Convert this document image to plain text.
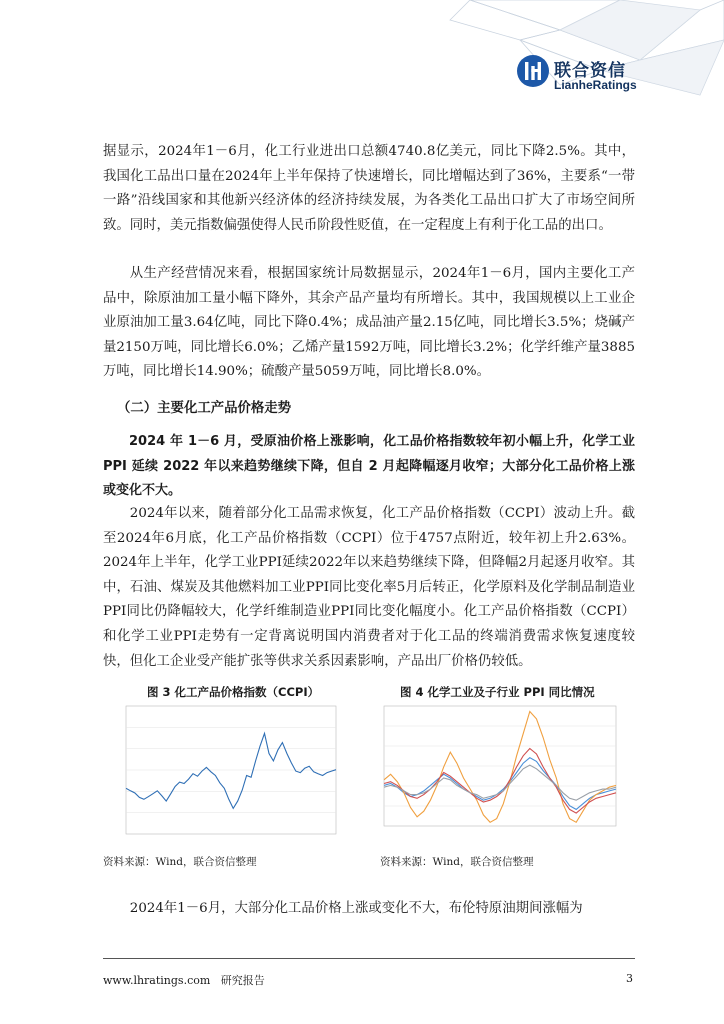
联合资信
LianheRatings

据显示，2024年1－6月，化工行业进出口总额4740.8亿美元，同比下降2.5%。其中，我国化工品出口量在2024年上半年保持了快速增长，同比增幅达到了36%，主要系“一带一路”沿线国家和其他新兴经济体的经济持续发展，为各类化工品出口扩大了市场空间所致。同时，美元指数偏强使得人民币阶段性贬值，在一定程度上有利于化工品的出口。

从生产经营情况来看，根据国家统计局数据显示，2024年1－6月，国内主要化工产品中，除原油加工量小幅下降外，其余产品产量均有所增长。其中，我国规模以上工业企业原油加工量3.64亿吨，同比下降0.4%；成品油产量2.15亿吨，同比增长3.5%；烧碱产量2150万吨，同比增长6.0%；乙烯产量1592万吨，同比增长3.2%；化学纤维产量3885万吨，同比增长14.90%；硫酸产量5059万吨，同比增长8.0%。

（二）主要化工产品价格走势

2024 年 1－6 月，受原油价格上涨影响，化工品价格指数较年初小幅上升，化学工业 PPI 延续 2022 年以来趋势继续下降，但自 2 月起降幅逐月收窄；大部分化工品价格上涨或变化不大。

2024年以来，随着部分化工品需求恢复，化工产品价格指数（CCPI）波动上升。截至2024年6月底，化工产品价格指数（CCPI）位于4757点附近，较年初上升2.63%。2024年上半年，化学工业PPI延续2022年以来趋势继续下降，但降幅2月起逐月收窄。其中，石油、煤炭及其他燃料加工业PPI同比变化率5月后转正，化学原料及化学制品制造业PPI同比仍降幅较大，化学纤维制造业PPI同比变化幅度小。化工产品价格指数（CCPI）和化学工业PPI走势有一定背离说明国内消费者对于化工品的终端消费需求恢复速度较快，但化工企业受产能扩张等供求关系因素影响，产品出厂价格仍较低。

图 3 化工产品价格指数（CCPI）	图 4 化学工业及子行业 PPI 同比情况
资料来源：Wind，联合资信整理	资料来源：Wind，联合资信整理

2024年1－6月，大部分化工品价格上涨或变化不大，布伦特原油期间涨幅为

www.lhratings.com 研究报告	3
